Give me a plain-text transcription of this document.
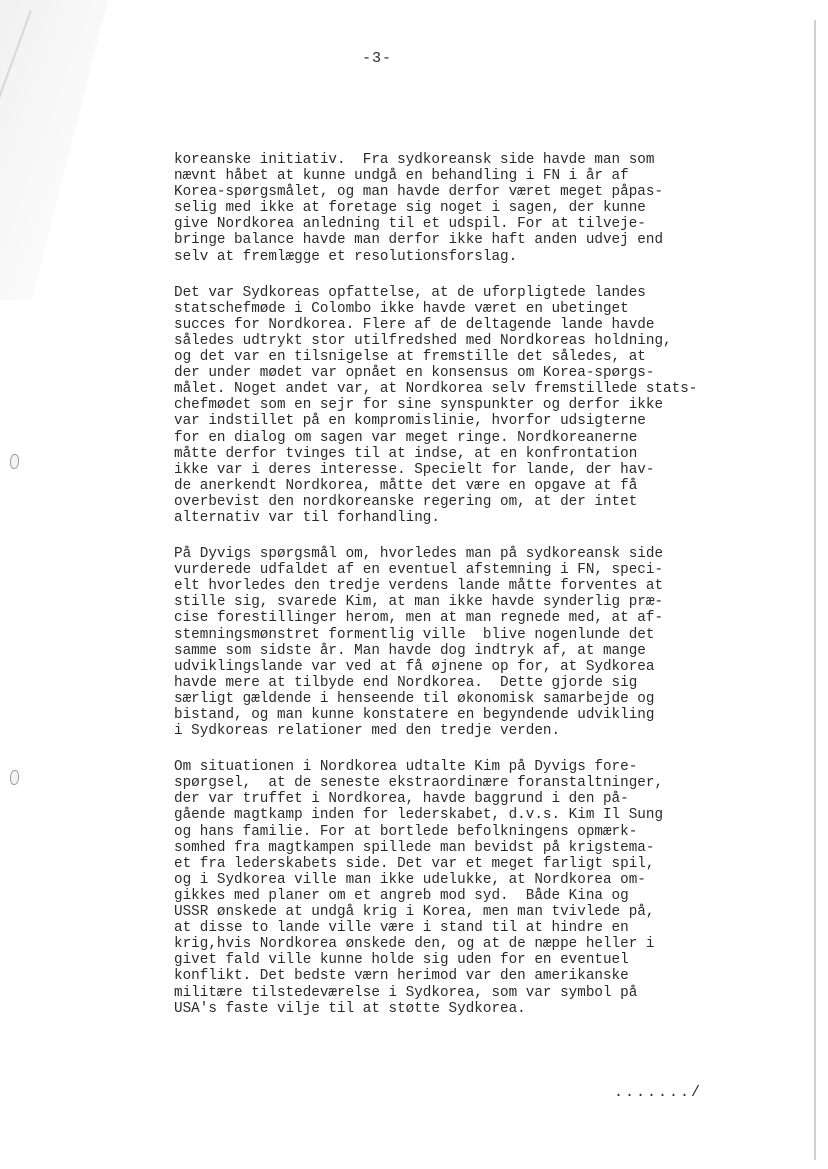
-3-

koreanske initiativ.  Fra sydkoreansk side havde man som
nævnt håbet at kunne undgå en behandling i FN i år af
Korea-spørgsmålet, og man havde derfor været meget påpas-
selig med ikke at foretage sig noget i sagen, der kunne
give Nordkorea anledning til et udspil. For at tilveje-
bringe balance havde man derfor ikke haft anden udvej end
selv at fremlægge et resolutionsforslag.

Det var Sydkoreas opfattelse, at de uforpligtede landes
statschefmøde i Colombo ikke havde været en ubetinget
succes for Nordkorea. Flere af de deltagende lande havde
således udtrykt stor utilfredshed med Nordkoreas holdning,
og det var en tilsnigelse at fremstille det således, at
der under mødet var opnået en konsensus om Korea-spørgs-
målet. Noget andet var, at Nordkorea selv fremstillede stats-
chefmødet som en sejr for sine synspunkter og derfor ikke
var indstillet på en kompromislinie, hvorfor udsigterne
for en dialog om sagen var meget ringe. Nordkoreanerne
måtte derfor tvinges til at indse, at en konfrontation
ikke var i deres interesse. Specielt for lande, der hav-
de anerkendt Nordkorea, måtte det være en opgave at få
overbevist den nordkoreanske regering om, at der intet
alternativ var til forhandling.

På Dyvigs spørgsmål om, hvorledes man på sydkoreansk side
vurderede udfaldet af en eventuel afstemning i FN, speci-
elt hvorledes den tredje verdens lande måtte forventes at
stille sig, svarede Kim, at man ikke havde synderlig præ-
cise forestillinger herom, men at man regnede med, at af-
stemningsmønstret formentlig ville  blive nogenlunde det
samme som sidste år. Man havde dog indtryk af, at mange
udviklingslande var ved at få øjnene op for, at Sydkorea
havde mere at tilbyde end Nordkorea.  Dette gjorde sig
særligt gældende i henseende til økonomisk samarbejde og
bistand, og man kunne konstatere en begyndende udvikling
i Sydkoreas relationer med den tredje verden.

Om situationen i Nordkorea udtalte Kim på Dyvigs fore-
spørgsel,  at de seneste ekstraordinære foranstaltninger,
der var truffet i Nordkorea, havde baggrund i den på-
gående magtkamp inden for lederskabet, d.v.s. Kim Il Sung
og hans familie. For at bortlede befolkningens opmærk-
somhed fra magtkampen spillede man bevidst på krigstema-
et fra lederskabets side. Det var et meget farligt spil,
og i Sydkorea ville man ikke udelukke, at Nordkorea om-
gikkes med planer om et angreb mod syd.  Både Kina og
USSR ønskede at undgå krig i Korea, men man tvivlede på,
at disse to lande ville være i stand til at hindre en
krig,hvis Nordkorea ønskede den, og at de næppe heller i
givet fald ville kunne holde sig uden for en eventuel
konflikt. Det bedste værn herimod var den amerikanske
militære tilstedeværelse i Sydkorea, som var symbol på
USA's faste vilje til at støtte Sydkorea.

......./
